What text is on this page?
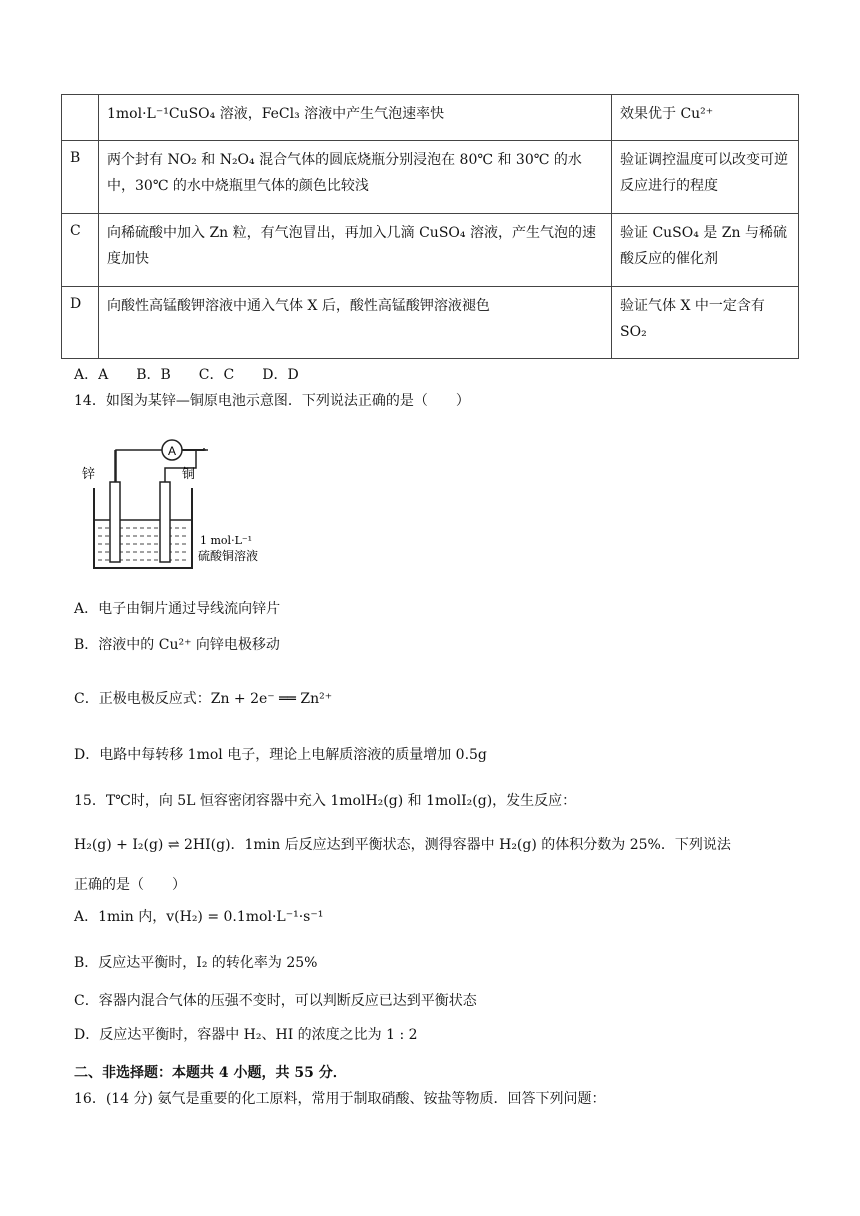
	1mol·L⁻¹CuSO₄ 溶液，FeCl₃ 溶液中产生气泡速率快	效果优于 Cu²⁺
B	两个封有 NO₂ 和 N₂O₄ 混合气体的圆底烧瓶分别浸泡在 80℃ 和 30℃ 的水中，30℃ 的水中烧瓶里气体的颜色比较浅	验证调控温度可以改变可逆反应进行的程度
C	向稀硫酸中加入 Zn 粒，有气泡冒出，再加入几滴 CuSO₄ 溶液，产生气泡的速度加快	验证 CuSO₄ 是 Zn 与稀硫酸反应的催化剂
D	向酸性高锰酸钾溶液中通入气体 X 后，酸性高锰酸钾溶液褪色	验证气体 X 中一定含有 SO₂
A．A　　B．B　　C．C　　D．D
14．如图为某锌—铜原电池示意图．下列说法正确的是（　　）
A
锌	铜
1 mol·L⁻¹
硫酸铜溶液
A．电子由铜片通过导线流向锌片
B．溶液中的 Cu²⁺ 向锌电极移动
C．正极电极反应式：Zn + 2e⁻ ══ Zn²⁺
D．电路中每转移 1mol 电子，理论上电解质溶液的质量增加 0.5g
15．T℃时，向 5L 恒容密闭容器中充入 1molH₂(g) 和 1molI₂(g)，发生反应：
H₂(g) + I₂(g) ⇌ 2HI(g)．1min 后反应达到平衡状态，测得容器中 H₂(g) 的体积分数为 25%．下列说法
正确的是（　　）
A．1min 内，v(H₂) = 0.1mol·L⁻¹·s⁻¹
B．反应达平衡时，I₂ 的转化率为 25%
C．容器内混合气体的压强不变时，可以判断反应已达到平衡状态
D．反应达平衡时，容器中 H₂、HI 的浓度之比为 1 : 2
二、非选择题：本题共 4 小题，共 55 分．
16．(14 分) 氨气是重要的化工原料，常用于制取硝酸、铵盐等物质．回答下列问题：
